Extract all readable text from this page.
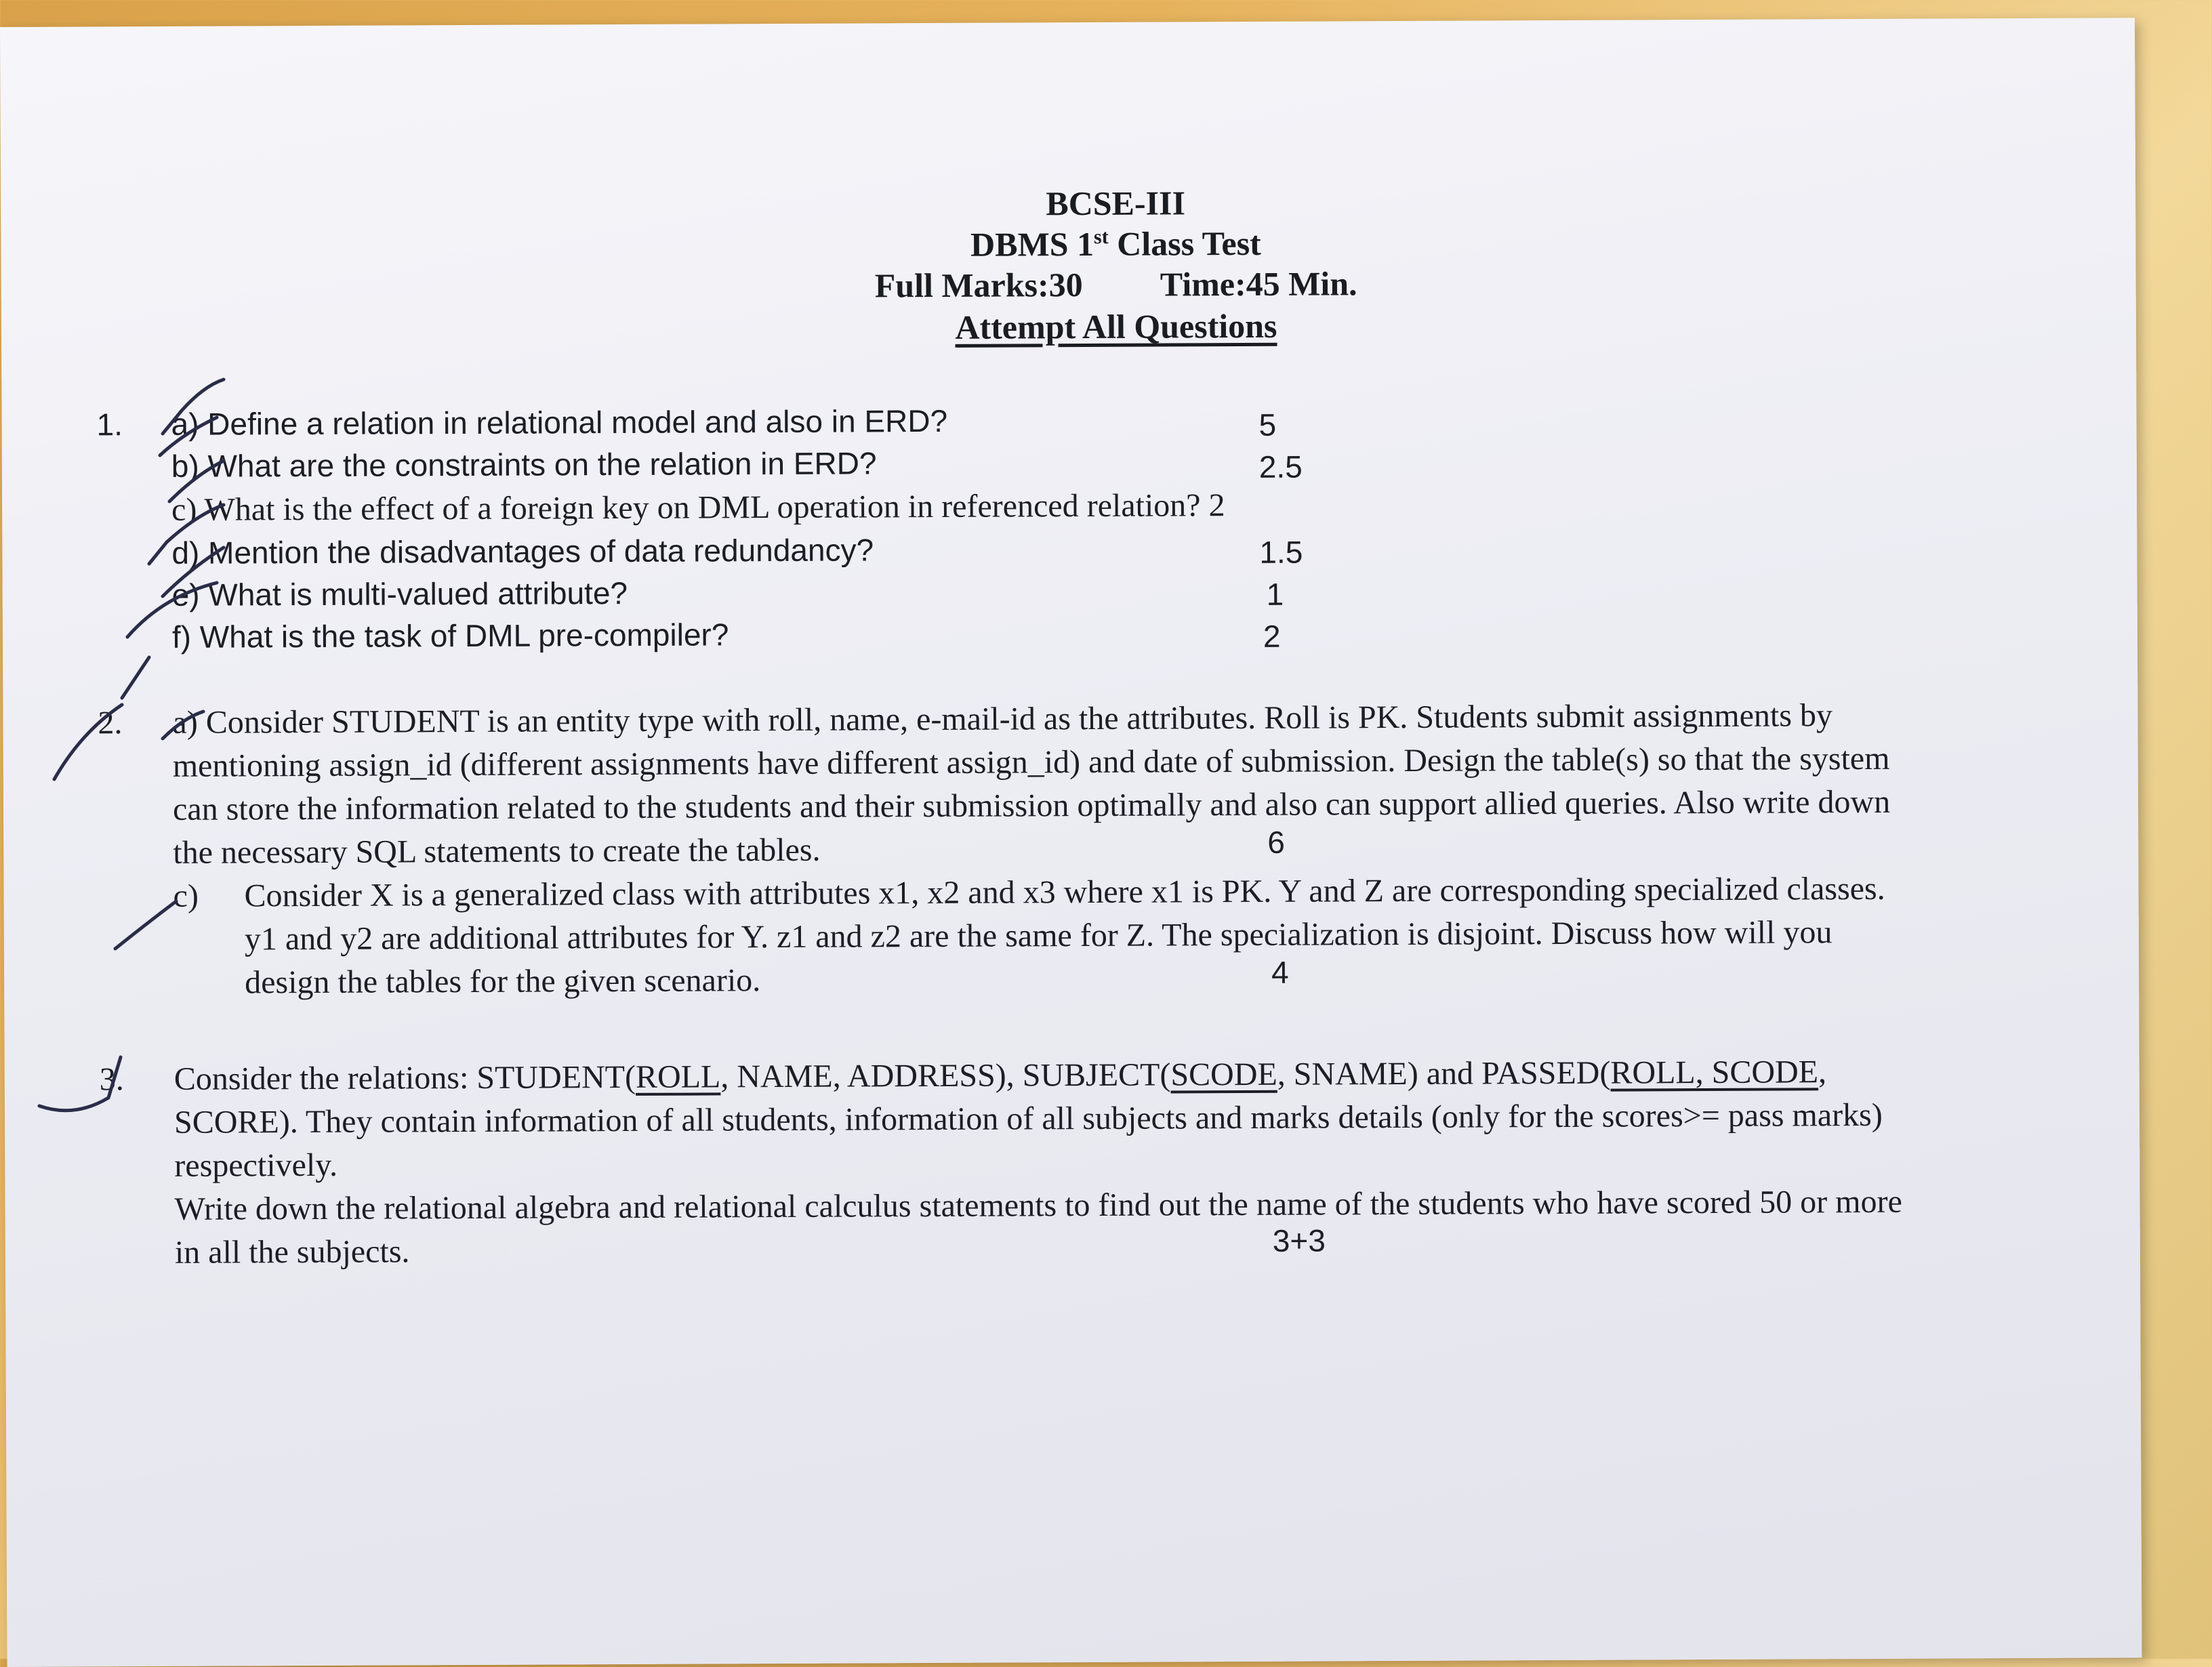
BCSE-III
DBMS 1st Class Test
Full Marks:30 Time:45 Min.
Attempt All Questions
1. a) Define a relation in relational model and also in ERD?	5
b) What are the constraints on the relation in ERD?	2.5
c) What is the effect of a foreign key on DML operation in referenced relation? 2
d) Mention the disadvantages of data redundancy?	1.5
e) What is multi-valued attribute?	1
f) What is the task of DML pre-compiler?	2
2. a) Consider STUDENT is an entity type with roll, name, e-mail-id as the attributes. Roll is PK. Students submit assignments by
mentioning assign_id (different assignments have different assign_id) and date of submission. Design the table(s) so that the system
can store the information related to the students and their submission optimally and also can support allied queries. Also write down
the necessary SQL statements to create the tables.	6
c) Consider X is a generalized class with attributes x1, x2 and x3 where x1 is PK. Y and Z are corresponding specialized classes.
y1 and y2 are additional attributes for Y. z1 and z2 are the same for Z. The specialization is disjoint. Discuss how will you
design the tables for the given scenario.	4
3. Consider the relations: STUDENT(ROLL, NAME, ADDRESS), SUBJECT(SCODE, SNAME) and PASSED(ROLL, SCODE,
SCORE). They contain information of all students, information of all subjects and marks details (only for the scores>= pass marks)
respectively.
Write down the relational algebra and relational calculus statements to find out the name of the students who have scored 50 or more
in all the subjects.	3+3
